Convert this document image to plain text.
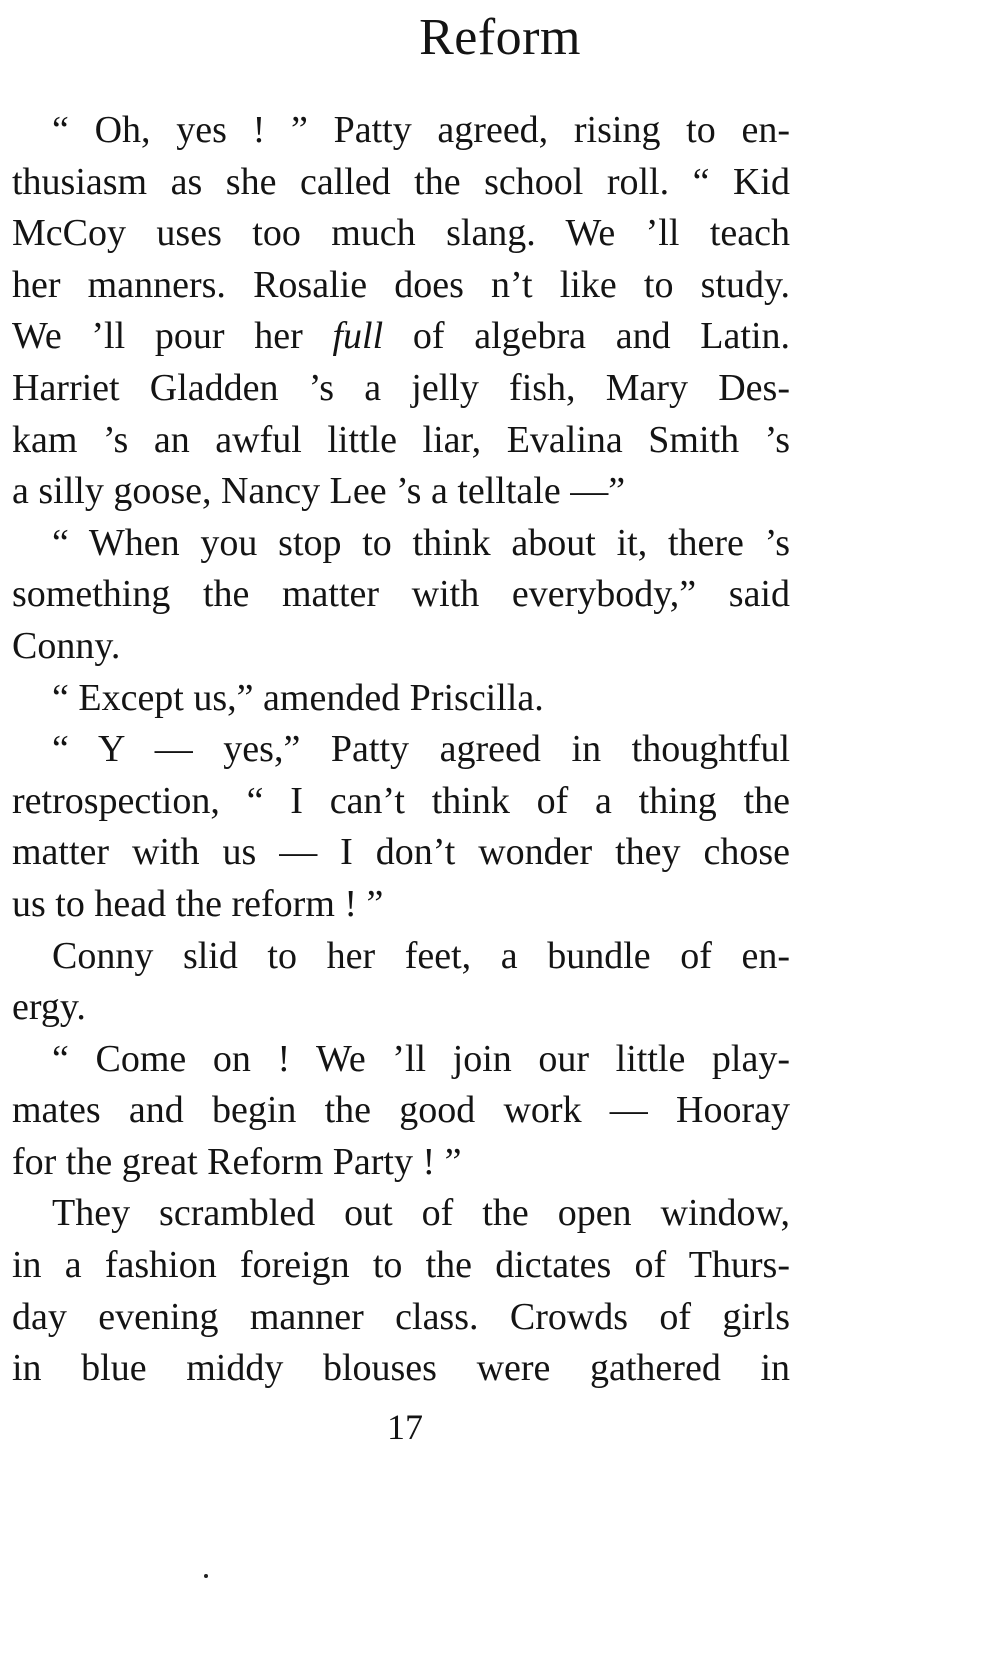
Reform
“ Oh, yes ! ” Patty agreed, rising to en-
thusiasm as she called the school roll. “ Kid
McCoy uses too much slang. We ’ll teach
her manners. Rosalie does n’t like to study.
We ’ll pour her full of algebra and Latin.
Harriet Gladden ’s a jelly fish, Mary Des-
kam ’s an awful little liar, Evalina Smith ’s
a silly goose, Nancy Lee ’s a telltale —”
“ When you stop to think about it, there ’s
something the matter with everybody,” said
Conny.
“ Except us,” amended Priscilla.
“ Y — yes,” Patty agreed in thoughtful
retrospection, “ I can’t think of a thing the
matter with us — I don’t wonder they chose
us to head the reform ! ”
Conny slid to her feet, a bundle of en-
ergy.
“ Come on ! We ’ll join our little play-
mates and begin the good work — Hooray
for the great Reform Party ! ”
They scrambled out of the open window,
in a fashion foreign to the dictates of Thurs-
day evening manner class. Crowds of girls
in blue middy blouses were gathered in
17
